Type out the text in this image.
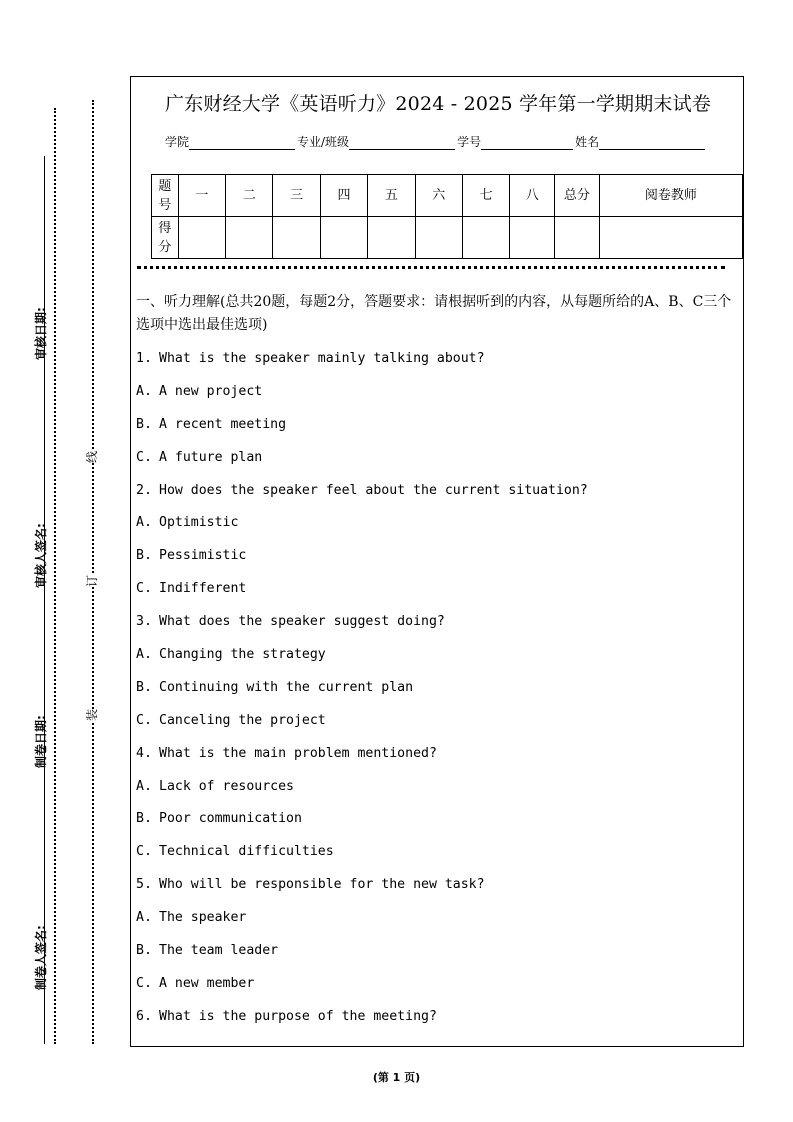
审核日期:
审核人签名:
制卷日期:
制卷人签名:
线
订
装
广东财经大学《英语听力》2024 - 2025 学年第一学期期末试卷
学院	专业/班级	学号	姓名
题号	一	二	三	四	五	六	七	八	总分	阅卷教师
得分										

一、听力理解(总共20题，每题2分，答题要求：请根据听到的内容，从每题所给的A、B、C三个选项中选出最佳选项)

1. What is the speaker mainly talking about?
A. A new project
B. A recent meeting
C. A future plan
2. How does the speaker feel about the current situation?
A. Optimistic
B. Pessimistic
C. Indifferent
3. What does the speaker suggest doing?
A. Changing the strategy
B. Continuing with the current plan
C. Canceling the project
4. What is the main problem mentioned?
A. Lack of resources
B. Poor communication
C. Technical difficulties
5. Who will be responsible for the new task?
A. The speaker
B. The team leader
C. A new member
6. What is the purpose of the meeting?
(第 1 页)
